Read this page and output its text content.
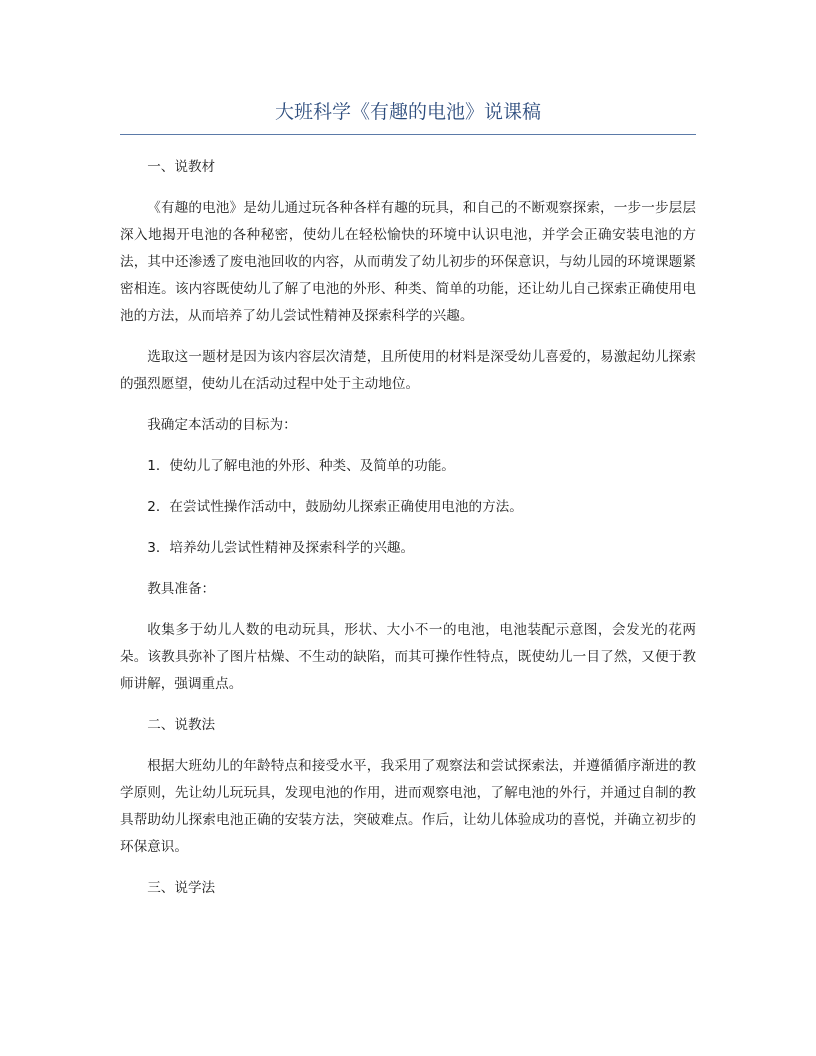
大班科学《有趣的电池》说课稿

一、说教材

《有趣的电池》是幼儿通过玩各种各样有趣的玩具，和自己的不断观察探索，一步一步层层深入地揭开电池的各种秘密，使幼儿在轻松愉快的环境中认识电池，并学会正确安装电池的方法，其中还渗透了废电池回收的内容，从而萌发了幼儿初步的环保意识，与幼儿园的环境课题紧密相连。该内容既使幼儿了解了电池的外形、种类、简单的功能，还让幼儿自己探索正确使用电池的方法，从而培养了幼儿尝试性精神及探索科学的兴趣。

选取这一题材是因为该内容层次清楚，且所使用的材料是深受幼儿喜爱的，易激起幼儿探索的强烈愿望，使幼儿在活动过程中处于主动地位。

我确定本活动的目标为：

1．使幼儿了解电池的外形、种类、及简单的功能。

2．在尝试性操作活动中，鼓励幼儿探索正确使用电池的方法。

3．培养幼儿尝试性精神及探索科学的兴趣。

教具准备：

收集多于幼儿人数的电动玩具，形状、大小不一的电池，电池装配示意图，会发光的花两朵。该教具弥补了图片枯燥、不生动的缺陷，而其可操作性特点，既使幼儿一目了然，又便于教师讲解，强调重点。

二、说教法

根据大班幼儿的年龄特点和接受水平，我采用了观察法和尝试探索法，并遵循循序渐进的教学原则，先让幼儿玩玩具，发现电池的作用，进而观察电池，了解电池的外行，并通过自制的教具帮助幼儿探索电池正确的安装方法，突破难点。作后，让幼儿体验成功的喜悦，并确立初步的环保意识。

三、说学法
